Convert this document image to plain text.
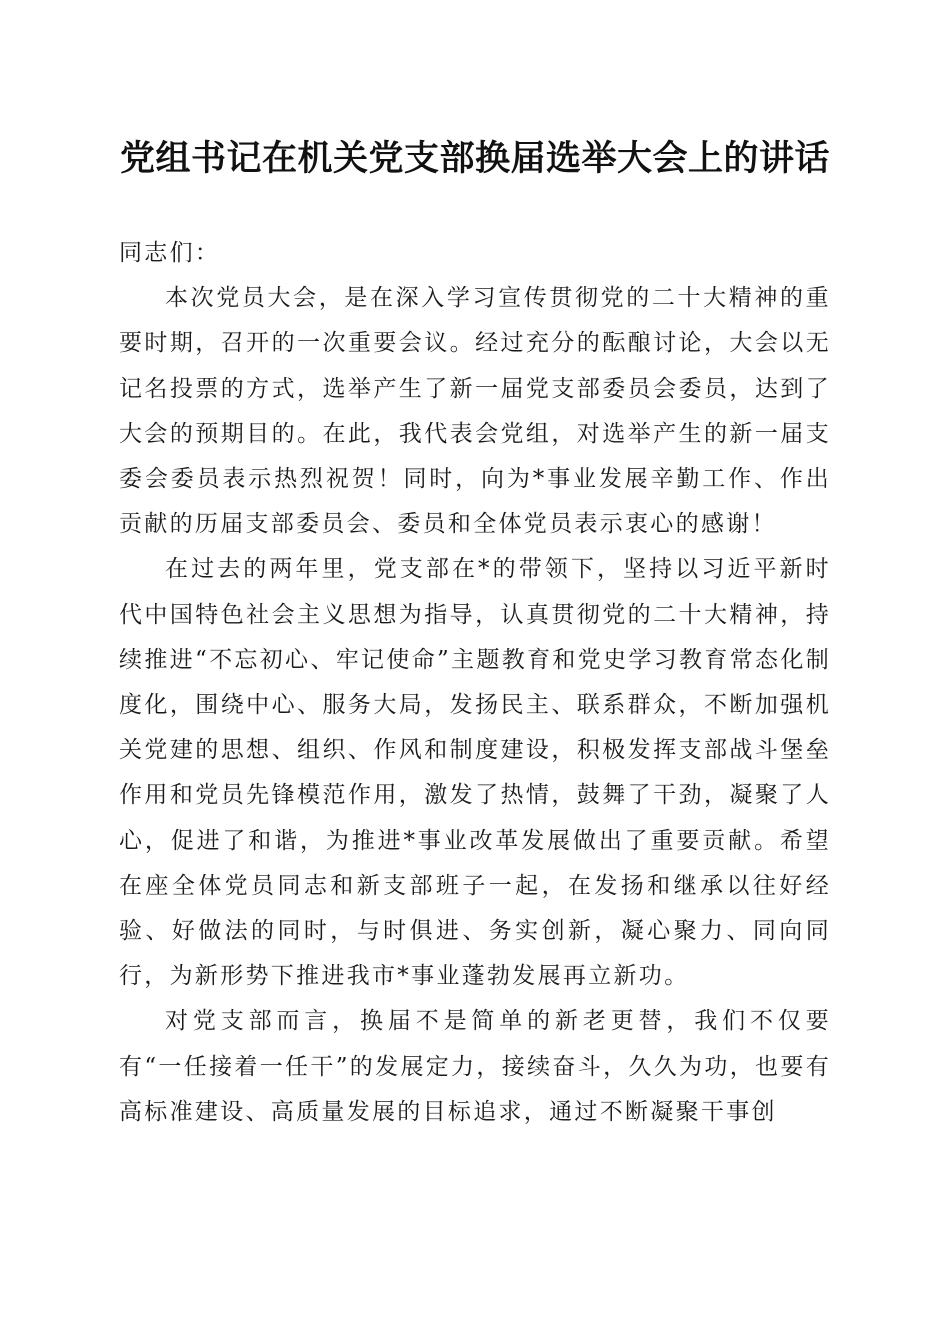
党组书记在机关党支部换届选举大会上的讲话

同志们：

本次党员大会，是在深入学习宣传贯彻党的二十大精神的重要时期，召开的一次重要会议。经过充分的酝酿讨论，大会以无记名投票的方式，选举产生了新一届党支部委员会委员，达到了大会的预期目的。在此，我代表会党组，对选举产生的新一届支委会委员表示热烈祝贺！同时，向为*事业发展辛勤工作、作出贡献的历届支部委员会、委员和全体党员表示衷心的感谢！

在过去的两年里，党支部在*的带领下，坚持以习近平新时代中国特色社会主义思想为指导，认真贯彻党的二十大精神，持续推进“不忘初心、牢记使命”主题教育和党史学习教育常态化制度化，围绕中心、服务大局，发扬民主、联系群众，不断加强机关党建的思想、组织、作风和制度建设，积极发挥支部战斗堡垒作用和党员先锋模范作用，激发了热情，鼓舞了干劲，凝聚了人心，促进了和谐，为推进*事业改革发展做出了重要贡献。希望在座全体党员同志和新支部班子一起，在发扬和继承以往好经验、好做法的同时，与时俱进、务实创新，凝心聚力、同向同行，为新形势下推进我市*事业蓬勃发展再立新功。

对党支部而言，换届不是简单的新老更替，我们不仅要有“一任接着一任干”的发展定力，接续奋斗，久久为功，也要有高标准建设、高质量发展的目标追求，通过不断凝聚干事创
